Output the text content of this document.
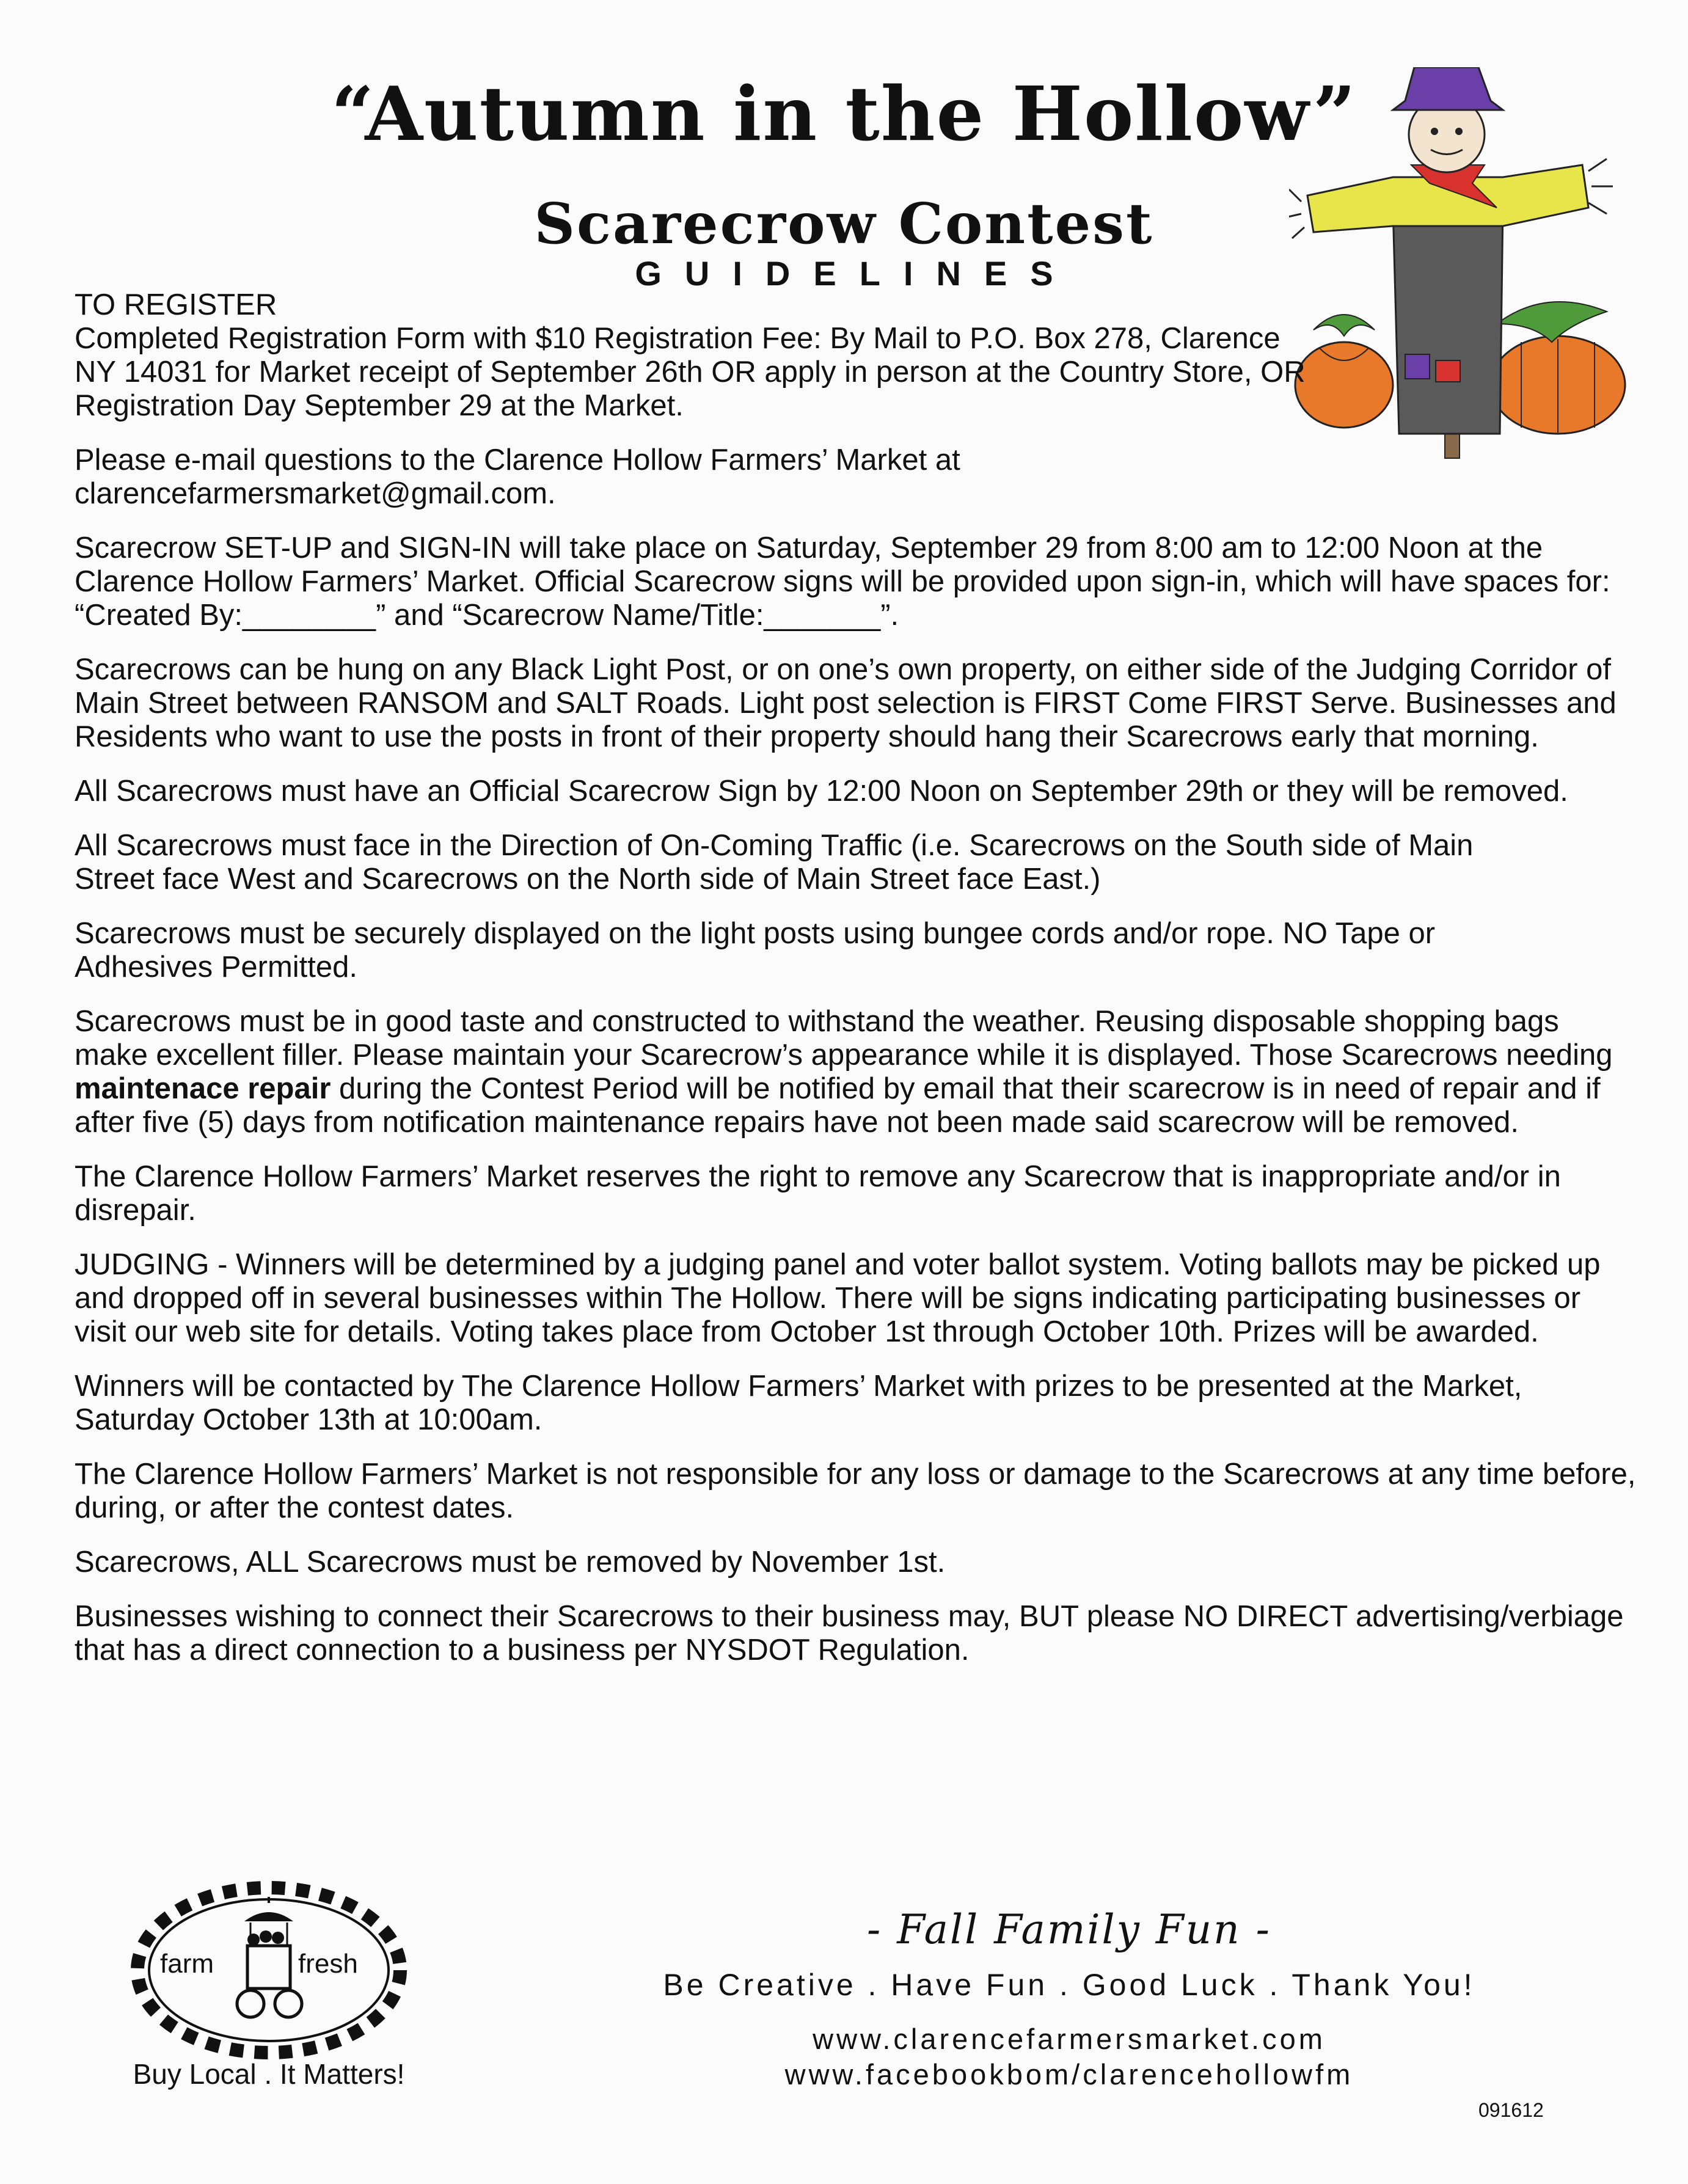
“Autumn in the Hollow”
Scarecrow Contest
GUIDELINES

TO REGISTER
Completed Registration Form with $10 Registration Fee: By Mail to P.O. Box 278, Clarence NY 14031 for Market receipt of September 26th OR apply in person at the Country Store, OR Registration Day September 29 at the Market.

Please e-mail questions to the Clarence Hollow Farmers’ Market at clarencefarmersmarket@gmail.com.

Scarecrow SET-UP and SIGN-IN will take place on Saturday, September 29 from 8:00 am to 12:00 Noon at the Clarence Hollow Farmers’ Market. Official Scarecrow signs will be provided upon sign-in, which will have spaces for: “Created By:________” and “Scarecrow Name/Title:_______”.

Scarecrows can be hung on any Black Light Post, or on one’s own property, on either side of the Judging Corridor of Main Street between RANSOM and SALT Roads. Light post selection is FIRST Come FIRST Serve. Businesses and Residents who want to use the posts in front of their property should hang their Scarecrows early that morning.

All Scarecrows must have an Official Scarecrow Sign by 12:00 Noon on September 29th or they will be removed.

All Scarecrows must face in the Direction of On-Coming Traffic (i.e. Scarecrows on the South side of Main Street face West and Scarecrows on the North side of Main Street face East.)

Scarecrows must be securely displayed on the light posts using bungee cords and/or rope. NO Tape or Adhesives Permitted.

Scarecrows must be in good taste and constructed to withstand the weather. Reusing disposable shopping bags make excellent filler. Please maintain your Scarecrow’s appearance while it is displayed. Those Scarecrows needing maintenace repair during the Contest Period will be notified by email that their scarecrow is in need of repair and if after five (5) days from notification maintenance repairs have not been made said scarecrow will be removed.

The Clarence Hollow Farmers’ Market reserves the right to remove any Scarecrow that is inappropriate and/or in disrepair.

JUDGING - Winners will be determined by a judging panel and voter ballot system. Voting ballots may be picked up and dropped off in several businesses within The Hollow. There will be signs indicating participating businesses or visit our web site for details. Voting takes place from October 1st through October 10th. Prizes will be awarded.

Winners will be contacted by The Clarence Hollow Farmers’ Market with prizes to be presented at the Market, Saturday October 13th at 10:00am.

The Clarence Hollow Farmers’ Market is not responsible for any loss or damage to the Scarecrows at any time before, during, or after the contest dates.

Scarecrows, ALL Scarecrows must be removed by November 1st.

Businesses wishing to connect their Scarecrows to their business may, BUT please NO DIRECT advertising/verbiage that has a direct connection to a business per NYSDOT Regulation.

farm	fresh
Buy Local . It Matters!
- Fall Family Fun -
Be Creative . Have Fun . Good Luck . Thank You!
www.clarencefarmersmarket.com
www.facebookbom/clarencehollowfm
091612
